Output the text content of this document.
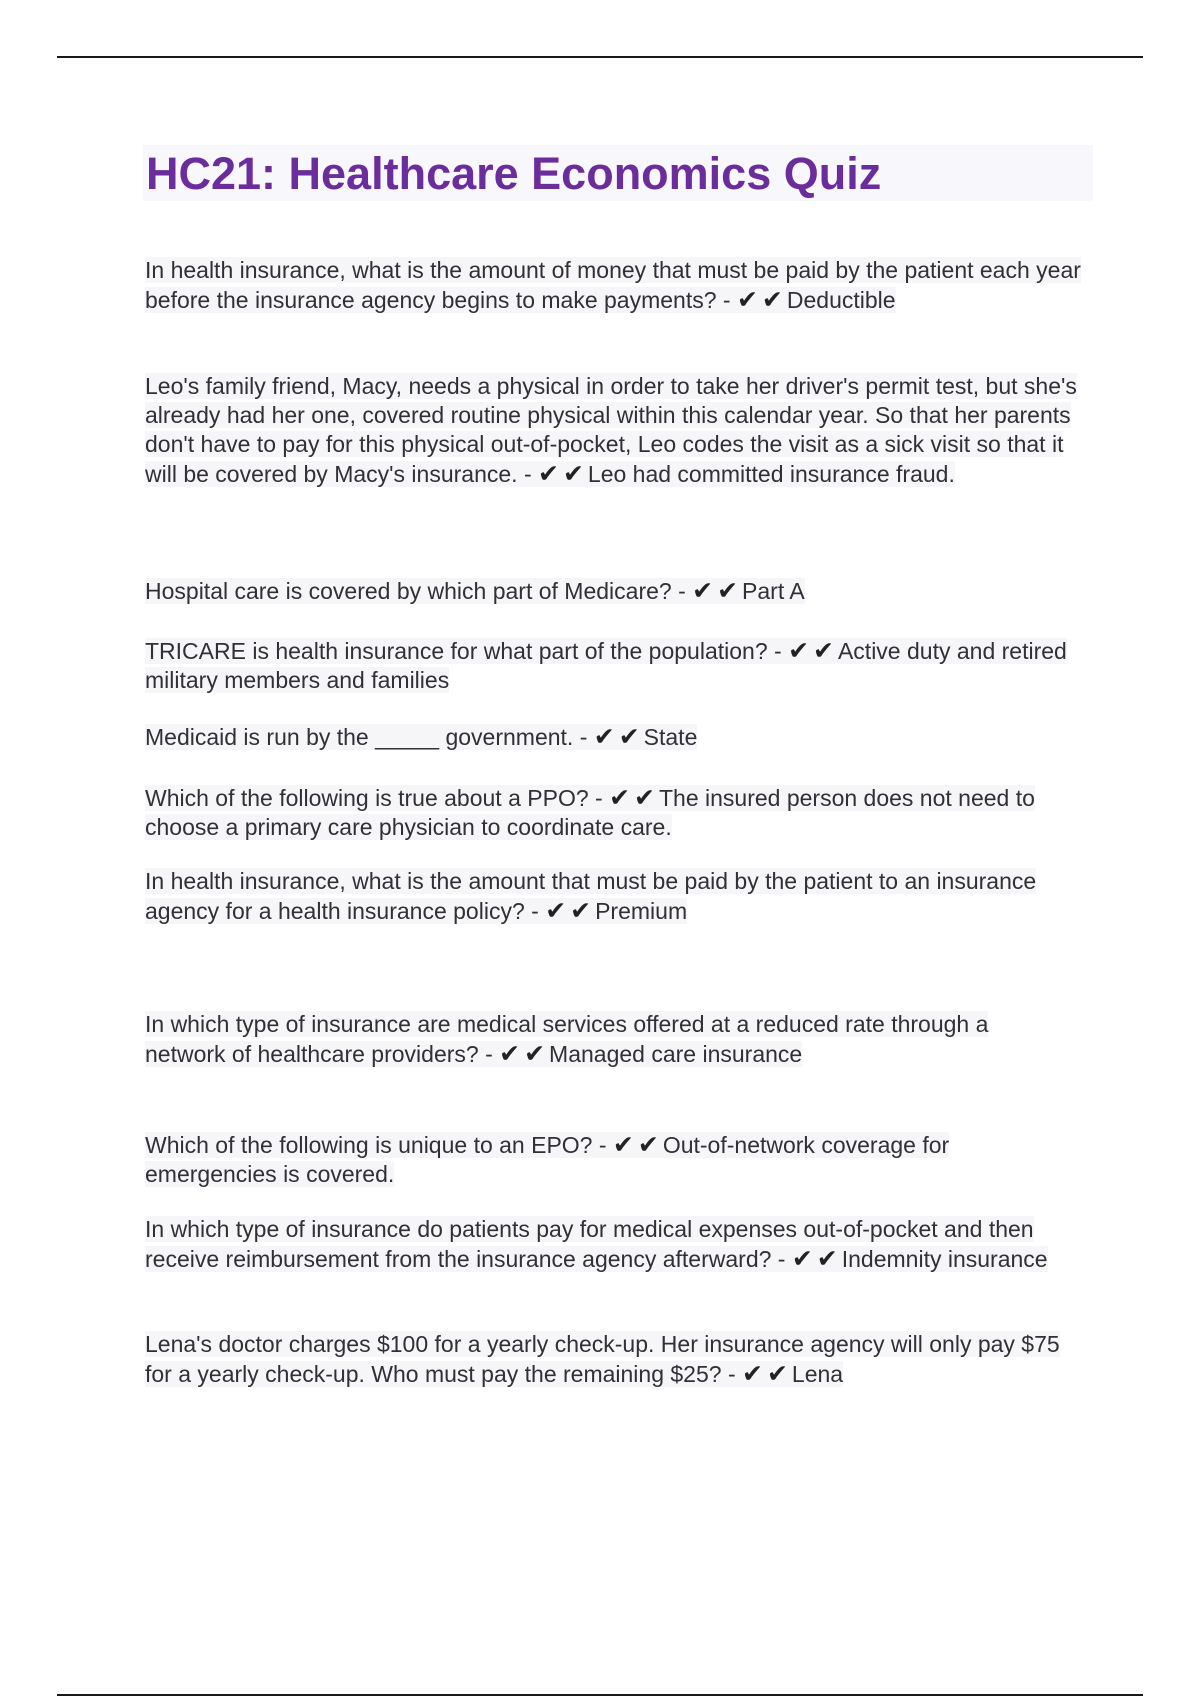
HC21: Healthcare Economics Quiz

In health insurance, what is the amount of money that must be paid by the patient each year before the insurance agency begins to make payments? - ✔ ✔ Deductible

Leo's family friend, Macy, needs a physical in order to take her driver's permit test, but she's already had her one, covered routine physical within this calendar year. So that her parents don't have to pay for this physical out-of-pocket, Leo codes the visit as a sick visit so that it will be covered by Macy's insurance. - ✔ ✔ Leo had committed insurance fraud.

Hospital care is covered by which part of Medicare? - ✔ ✔ Part A

TRICARE is health insurance for what part of the population? - ✔ ✔ Active duty and retired military members and families

Medicaid is run by the _____ government. - ✔ ✔ State

Which of the following is true about a PPO? - ✔ ✔ The insured person does not need to choose a primary care physician to coordinate care.

In health insurance, what is the amount that must be paid by the patient to an insurance agency for a health insurance policy? - ✔ ✔ Premium

In which type of insurance are medical services offered at a reduced rate through a network of healthcare providers? - ✔ ✔ Managed care insurance

Which of the following is unique to an EPO? - ✔ ✔ Out-of-network coverage for emergencies is covered.

In which type of insurance do patients pay for medical expenses out-of-pocket and then receive reimbursement from the insurance agency afterward? - ✔ ✔ Indemnity insurance

Lena's doctor charges $100 for a yearly check-up. Her insurance agency will only pay $75 for a yearly check-up. Who must pay the remaining $25? - ✔ ✔ Lena
